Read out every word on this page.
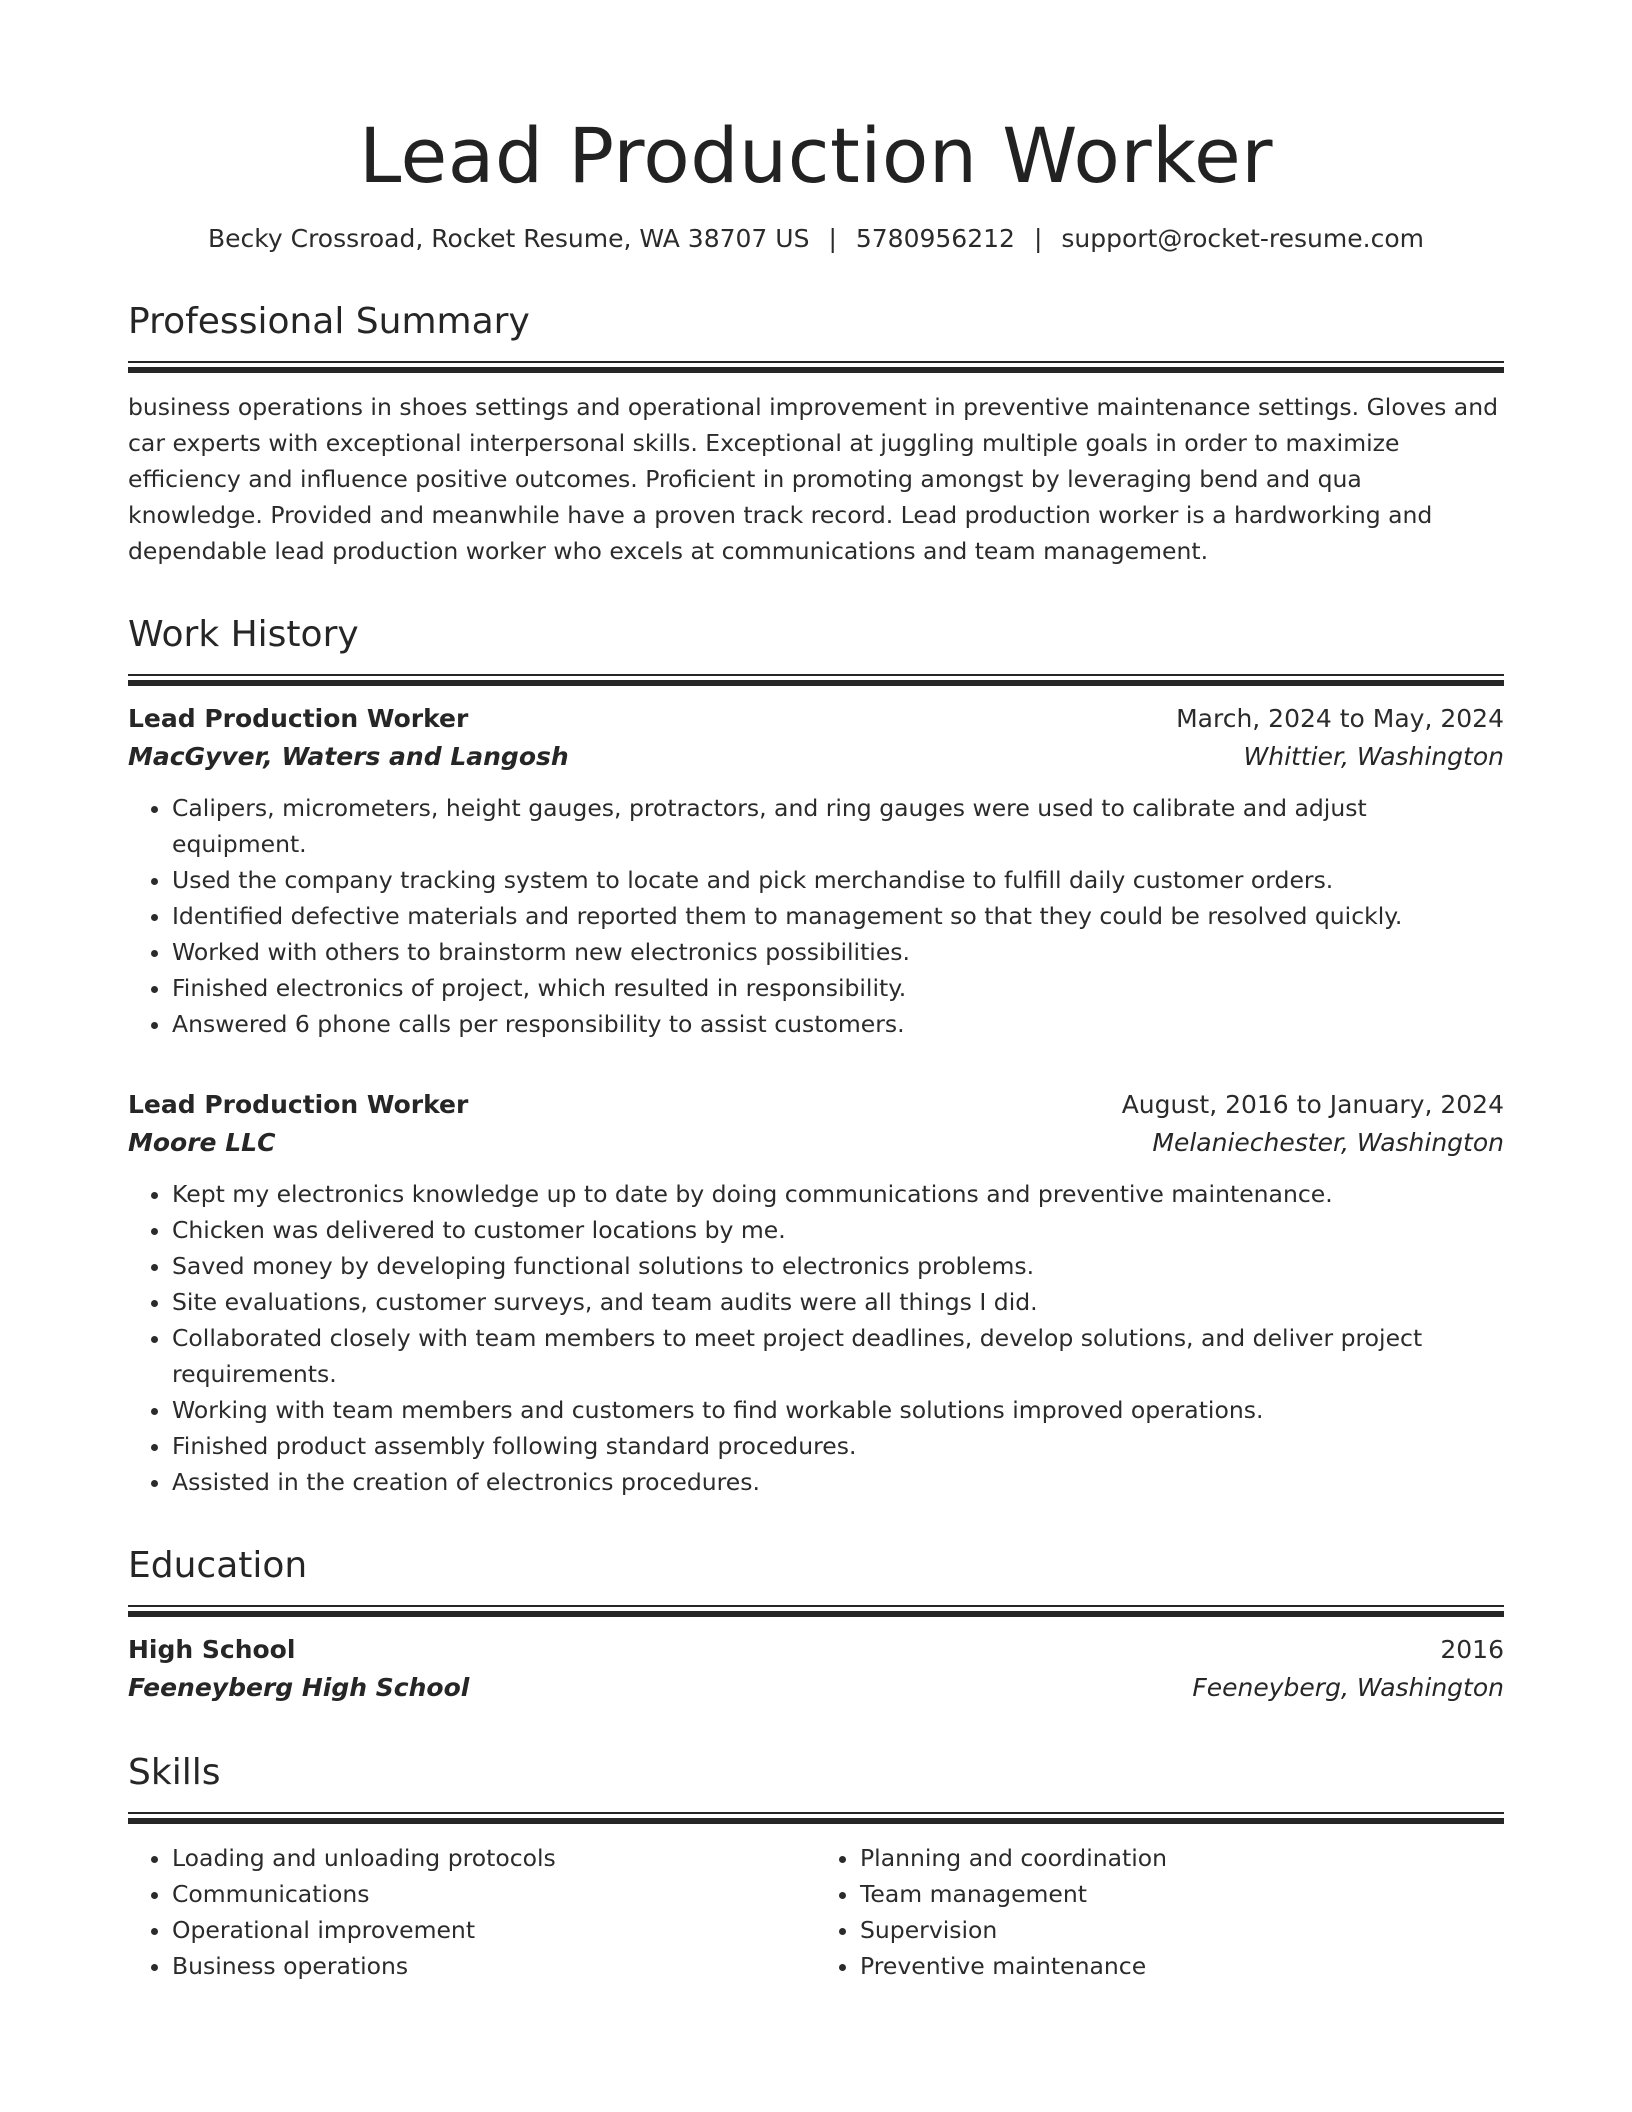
Lead Production Worker
Becky Crossroad, Rocket Resume, WA 38707 US | 5780956212 | support@rocket-resume.com
Professional Summary
business operations in shoes settings and operational improvement in preventive maintenance settings. Gloves and car experts with exceptional interpersonal skills. Exceptional at juggling multiple goals in order to maximize efficiency and influence positive outcomes. Proficient in promoting amongst by leveraging bend and qua knowledge. Provided and meanwhile have a proven track record. Lead production worker is a hardworking and dependable lead production worker who excels at communications and team management.
Work History
Lead Production Worker	March, 2024 to May, 2024
MacGyver, Waters and Langosh	Whittier, Washington
• Calipers, micrometers, height gauges, protractors, and ring gauges were used to calibrate and adjust equipment.
• Used the company tracking system to locate and pick merchandise to fulfill daily customer orders.
• Identified defective materials and reported them to management so that they could be resolved quickly.
• Worked with others to brainstorm new electronics possibilities.
• Finished electronics of project, which resulted in responsibility.
• Answered 6 phone calls per responsibility to assist customers.
Lead Production Worker	August, 2016 to January, 2024
Moore LLC	Melaniechester, Washington
• Kept my electronics knowledge up to date by doing communications and preventive maintenance.
• Chicken was delivered to customer locations by me.
• Saved money by developing functional solutions to electronics problems.
• Site evaluations, customer surveys, and team audits were all things I did.
• Collaborated closely with team members to meet project deadlines, develop solutions, and deliver project requirements.
• Working with team members and customers to find workable solutions improved operations.
• Finished product assembly following standard procedures.
• Assisted in the creation of electronics procedures.
Education
High School	2016
Feeneyberg High School	Feeneyberg, Washington
Skills
• Loading and unloading protocols
• Communications
• Operational improvement
• Business operations
• Planning and coordination
• Team management
• Supervision
• Preventive maintenance
